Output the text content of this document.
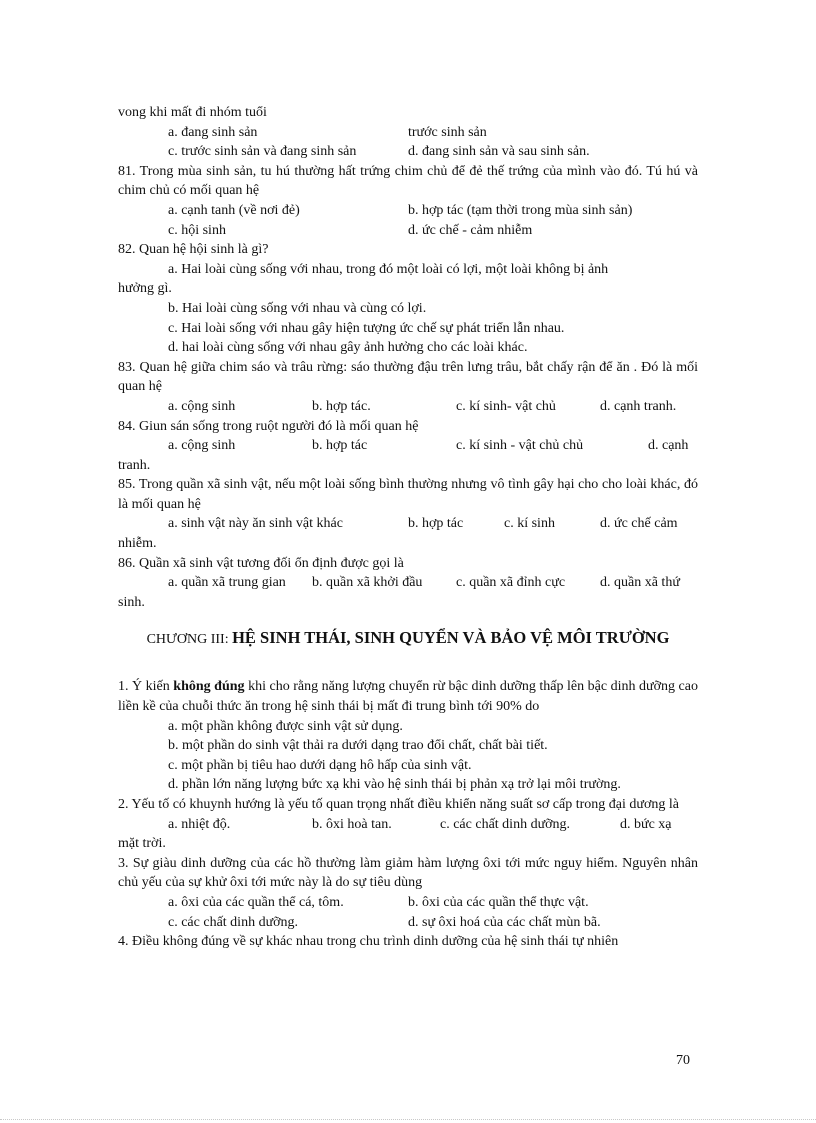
vong khi mất đi nhóm tuổi
a. đang sinh sản	trước sinh sản
c. trước sinh sản và đang sinh sản	d. đang sinh sản và sau sinh sản.
81. Trong mùa sinh sản, tu hú thường hất trứng chim chủ để đẻ thế trứng của mình vào đó. Tú hú và chim chủ có mối quan hệ
a. cạnh tanh (về nơi đẻ)	b. hợp tác (tạm thời trong mùa sinh sản)
c. hội sinh	d. ức chế - cảm nhiễm
82. Quan hệ hội sinh là gì?
a. Hai loài cùng sống với nhau, trong đó một loài có lợi, một loài không bị ảnh
hưởng gì.
b. Hai loài cùng sống với nhau và cùng có lợi.
c. Hai loài sống với nhau gây hiện tượng ức chế sự phát triển lẫn nhau.
d. hai loài cùng sống với nhau gây ảnh hưởng cho các loài khác.
83. Quan hệ giữa chim sáo và trâu rừng: sáo thường đậu trên lưng trâu, bắt chấy rận để ăn . Đó là mối quan hệ
a. cộng sinh	b. hợp tác.	c. kí sinh- vật chủ	d. cạnh tranh.
84. Giun sán sống trong ruột người đó là mối quan hệ
a. cộng sinh	b. hợp tác	c. kí sinh - vật chủ chủ	d. cạnh
tranh.
85. Trong quần xã sinh vật, nếu một loài sống bình thường nhưng vô tình gây hại cho cho loài khác, đó là mối quan hệ
a. sinh vật này ăn sinh vật khác	b. hợp tác	c. kí sinh	d. ức chế cảm
nhiễm.
86. Quần xã sinh vật tương đối ổn định được gọi là
a. quần xã trung gian	b. quần xã khởi đầu	c. quần xã đỉnh cực	d. quần xã thứ
sinh.
CHƯƠNG III: HỆ SINH THÁI, SINH QUYỂN VÀ BẢO VỆ MÔI TRƯỜNG
1. Ý kiến không đúng khi cho rằng năng lượng chuyển rừ bậc dinh dưỡng thấp lên bậc dinh dưỡng cao liền kề của chuỗi thức ăn trong hệ sinh thái bị mất đi trung bình tới 90% do
a. một phần không được sinh vật sử dụng.
b. một phần do sinh vật thải ra dưới dạng trao đổi chất, chất bài tiết.
c. một phần bị tiêu hao dưới dạng hô hấp của sinh vật.
d. phần lớn năng lượng bức xạ khi vào hệ sinh thái bị phản xạ trở lại môi trường.
2. Yếu tố có khuynh hướng là yếu tố quan trọng nhất điều khiển năng suất sơ cấp trong đại dương là
a. nhiệt độ.	b. ôxi hoà tan.	c. các chất dinh dưỡng.	d. bức xạ
mặt trời.
3. Sự giàu dinh dưỡng của các hồ thường làm giảm hàm lượng ôxi tới mức nguy hiểm. Nguyên nhân chủ yếu của sự khử ôxi tới mức này là do sự tiêu dùng
a. ôxi của các quần thể cá, tôm.	b. ôxi của các quần thể thực vật.
c. các chất dinh dưỡng.	d. sự ôxi hoá của các chất mùn bã.
4. Điều không đúng về sự khác nhau trong chu trình dinh dưỡng của hệ sinh thái tự nhiên
70
